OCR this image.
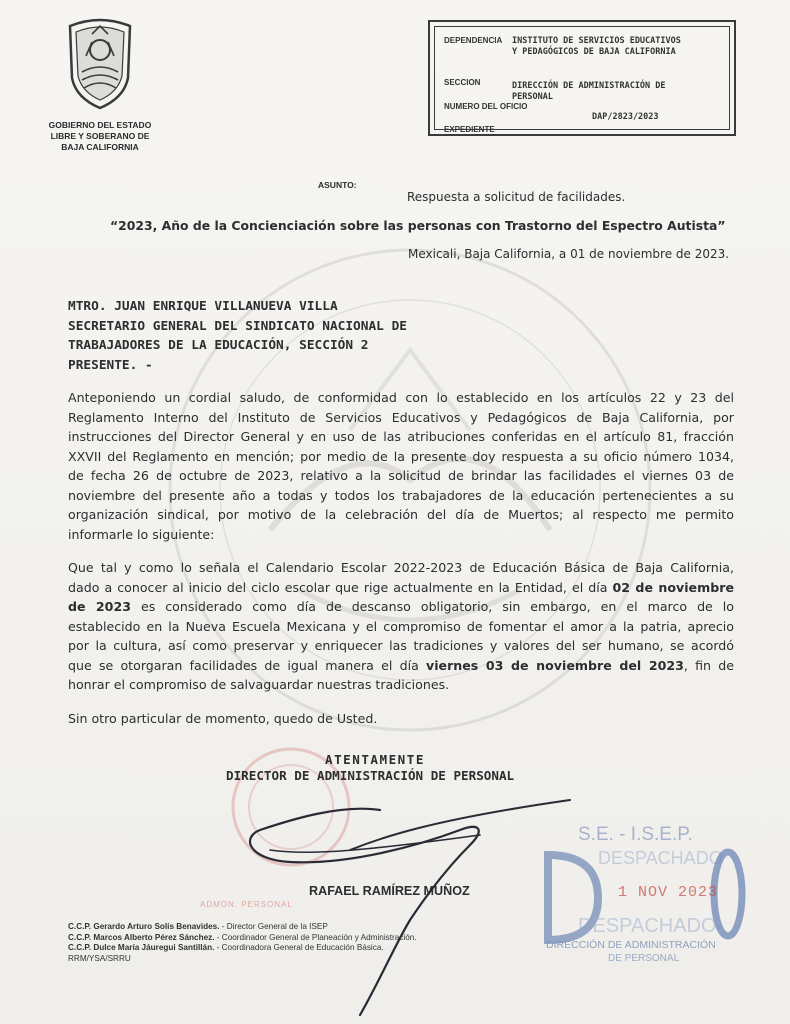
GOBIERNO DEL ESTADO
LIBRE Y SOBERANO DE
BAJA CALIFORNIA
DEPENDENCIA INSTITUTO DE SERVICIOS EDUCATIVOS
Y PEDAGÓGICOS DE BAJA CALIFORNIA
SECCION	DIRECCIÓN DE ADMINISTRACIÓN DE
PERSONAL
NUMERO DEL OFICIO
DAP/2823/2023
EXPEDIENTE
ASUNTO:
Respuesta a solicitud de facilidades.
“2023, Año de la Concienciación sobre las personas con Trastorno del Espectro Autista”
Mexicali, Baja California, a 01 de noviembre de 2023.
MTRO. JUAN ENRIQUE VILLANUEVA VILLA
SECRETARIO GENERAL DEL SINDICATO NACIONAL DE
TRABAJADORES DE LA EDUCACIÓN, SECCIÓN 2
PRESENTE. -
Anteponiendo un cordial saludo, de conformidad con lo establecido en los artículos 22 y 23 del
Reglamento Interno del Instituto de Servicios Educativos y Pedagógicos de Baja California, por
instrucciones del Director General y en uso de las atribuciones conferidas en el artículo 81, fracción
XXVII del Reglamento en mención; por medio de la presente doy respuesta a su oficio número 1034,
de fecha 26 de octubre de 2023, relativo a la solicitud de brindar las facilidades el viernes 03 de
noviembre del presente año a todas y todos los trabajadores de la educación pertenecientes a su
organización sindical, por motivo de la celebración del día de Muertos; al respecto me permito
informarle lo siguiente:
Que tal y como lo señala el Calendario Escolar 2022-2023 de Educación Básica de Baja California,
dado a conocer al inicio del ciclo escolar que rige actualmente en la Entidad, el día 02 de noviembre
de 2023 es considerado como día de descanso obligatorio, sin embargo, en el marco de lo
establecido en la Nueva Escuela Mexicana y el compromiso de fomentar el amor a la patria, aprecio
por la cultura, así como preservar y enriquecer las tradiciones y valores del ser humano, se acordó
que se otorgaran facilidades de igual manera el día viernes 03 de noviembre del 2023, fin de
honrar el compromiso de salvaguardar nuestras tradiciones.
Sin otro particular de momento, quedo de Usted.
ATENTAMENTE
DIRECTOR DE ADMINISTRACIÓN DE PERSONAL
S.E. - I.S.E.P.
DESPACHADO
DESPACHADO
DIRECCIÓN DE ADMINISTRACIÓN
DE PERSONAL
1 NOV 2023
RAFAEL RAMÍREZ MUÑOZ
ADMON. PERSONAL
C.C.P. Gerardo Arturo Solís Benavides. - Director General de la ISEP
C.C.P. Marcos Alberto Pérez Sánchez. - Coordinador General de Planeación y Administración.
C.C.P. Dulce María Jáuregui Santillán. - Coordinadora General de Educación Básica.
RRM/YSA/SRRU
